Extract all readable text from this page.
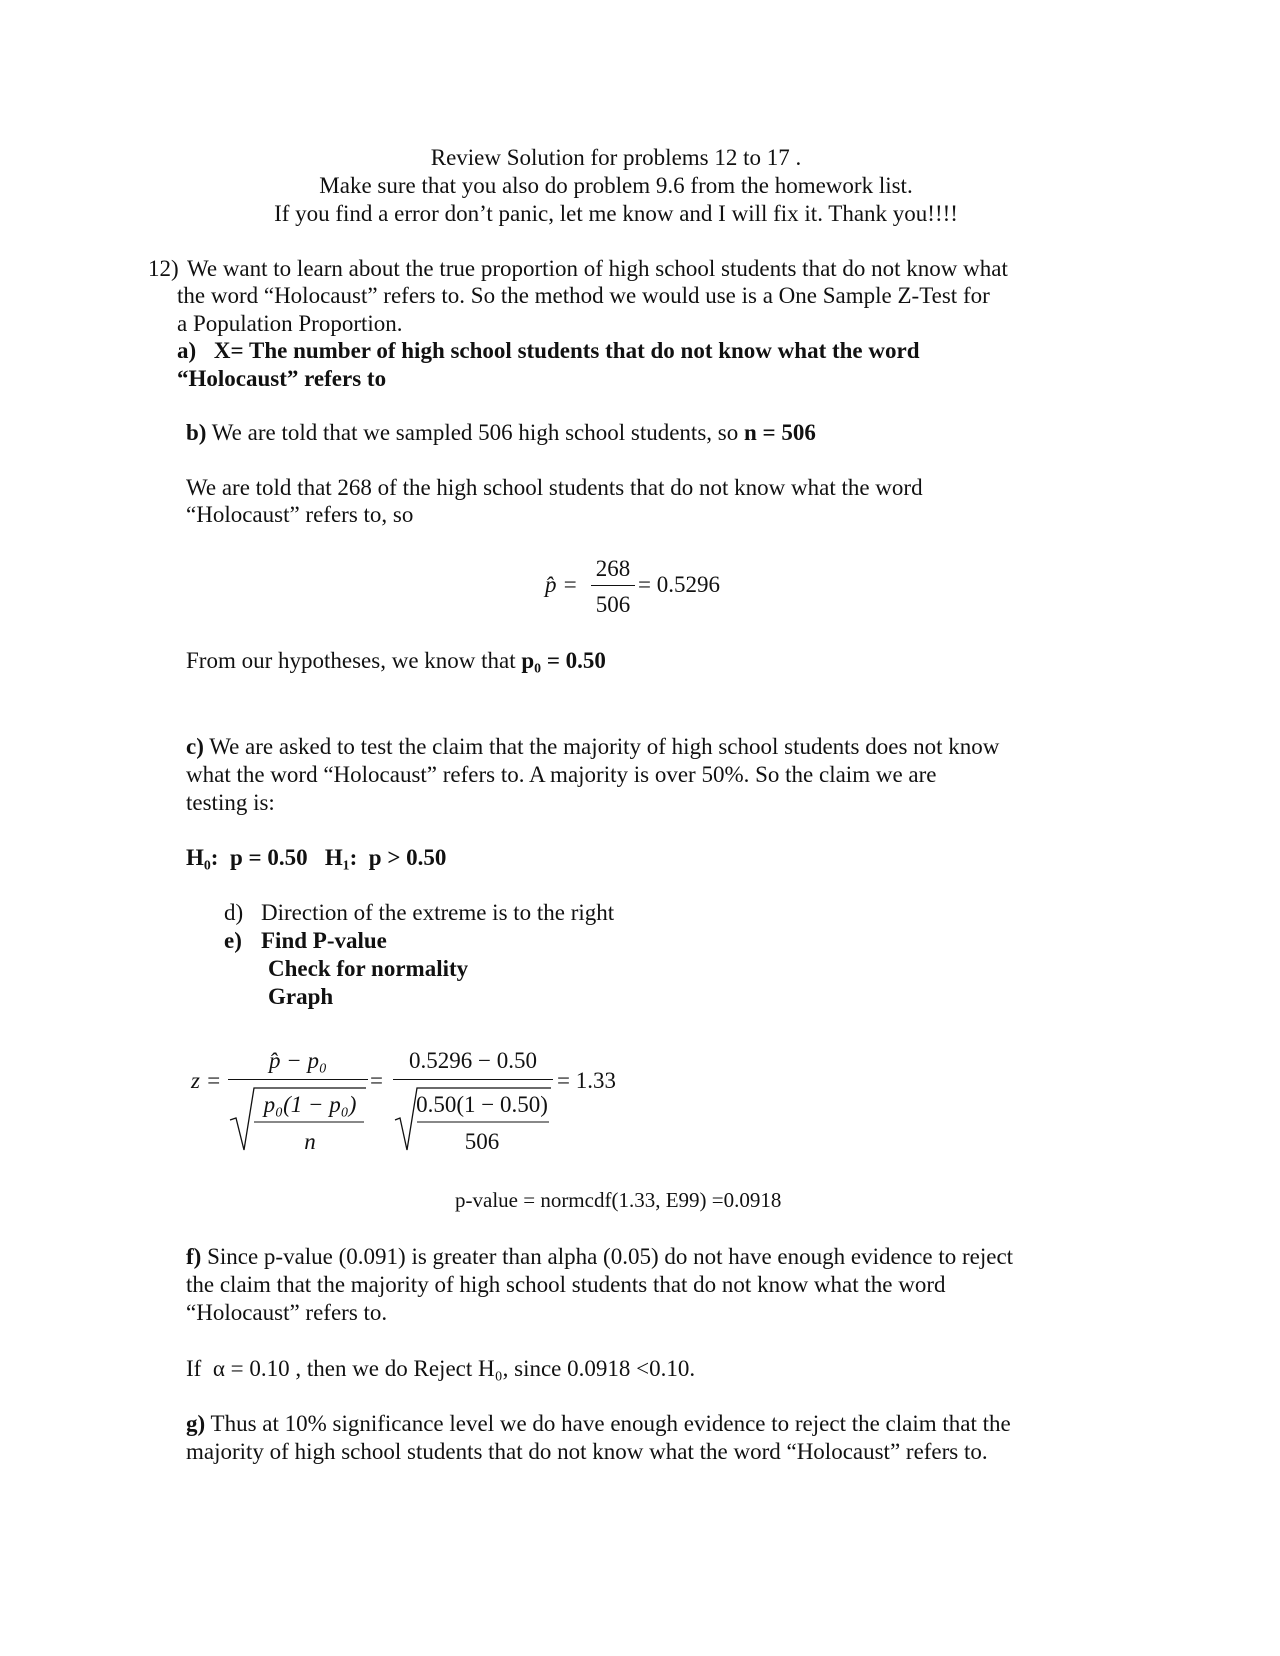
Review Solution for problems 12 to 17 .
Make sure that you also do problem 9.6 from the homework list.
If you find a error don’t panic, let me know and I will fix it. Thank you!!!!
12) We want to learn about the true proportion of high school students that do not know what
the word “Holocaust” refers to. So the method we would use is a One Sample Z-Test for
a Population Proportion.
a) X= The number of high school students that do not know what the word
“Holocaust” refers to
b) We are told that we sampled 506 high school students, so n = 506
We are told that 268 of the high school students that do not know what the word
“Holocaust” refers to, so
p̂ =
268
506
= 0.5296
From our hypotheses, we know that p₀ = 0.50
c) We are asked to test the claim that the majority of high school students does not know
what the word “Holocaust” refers to. A majority is over 50%. So the claim we are
testing is:
H₀:  p = 0.50   H₁:  p > 0.50
d) Direction of the extreme is to the right
e) Find P-value
Check for normality
Graph
z =
p̂ − p₀
p₀(1 − p₀)
n
=
0.5296 − 0.50
0.50(1 − 0.50)
506
= 1.33
p-value = normcdf(1.33, E99) =0.0918
f) Since p-value (0.091) is greater than alpha (0.05) do not have enough evidence to reject
the claim that the majority of high school students that do not know what the word
“Holocaust” refers to.
If  α = 0.10 , then we do Reject H₀, since 0.0918 <0.10.
g) Thus at 10% significance level we do have enough evidence to reject the claim that the
majority of high school students that do not know what the word “Holocaust” refers to.
